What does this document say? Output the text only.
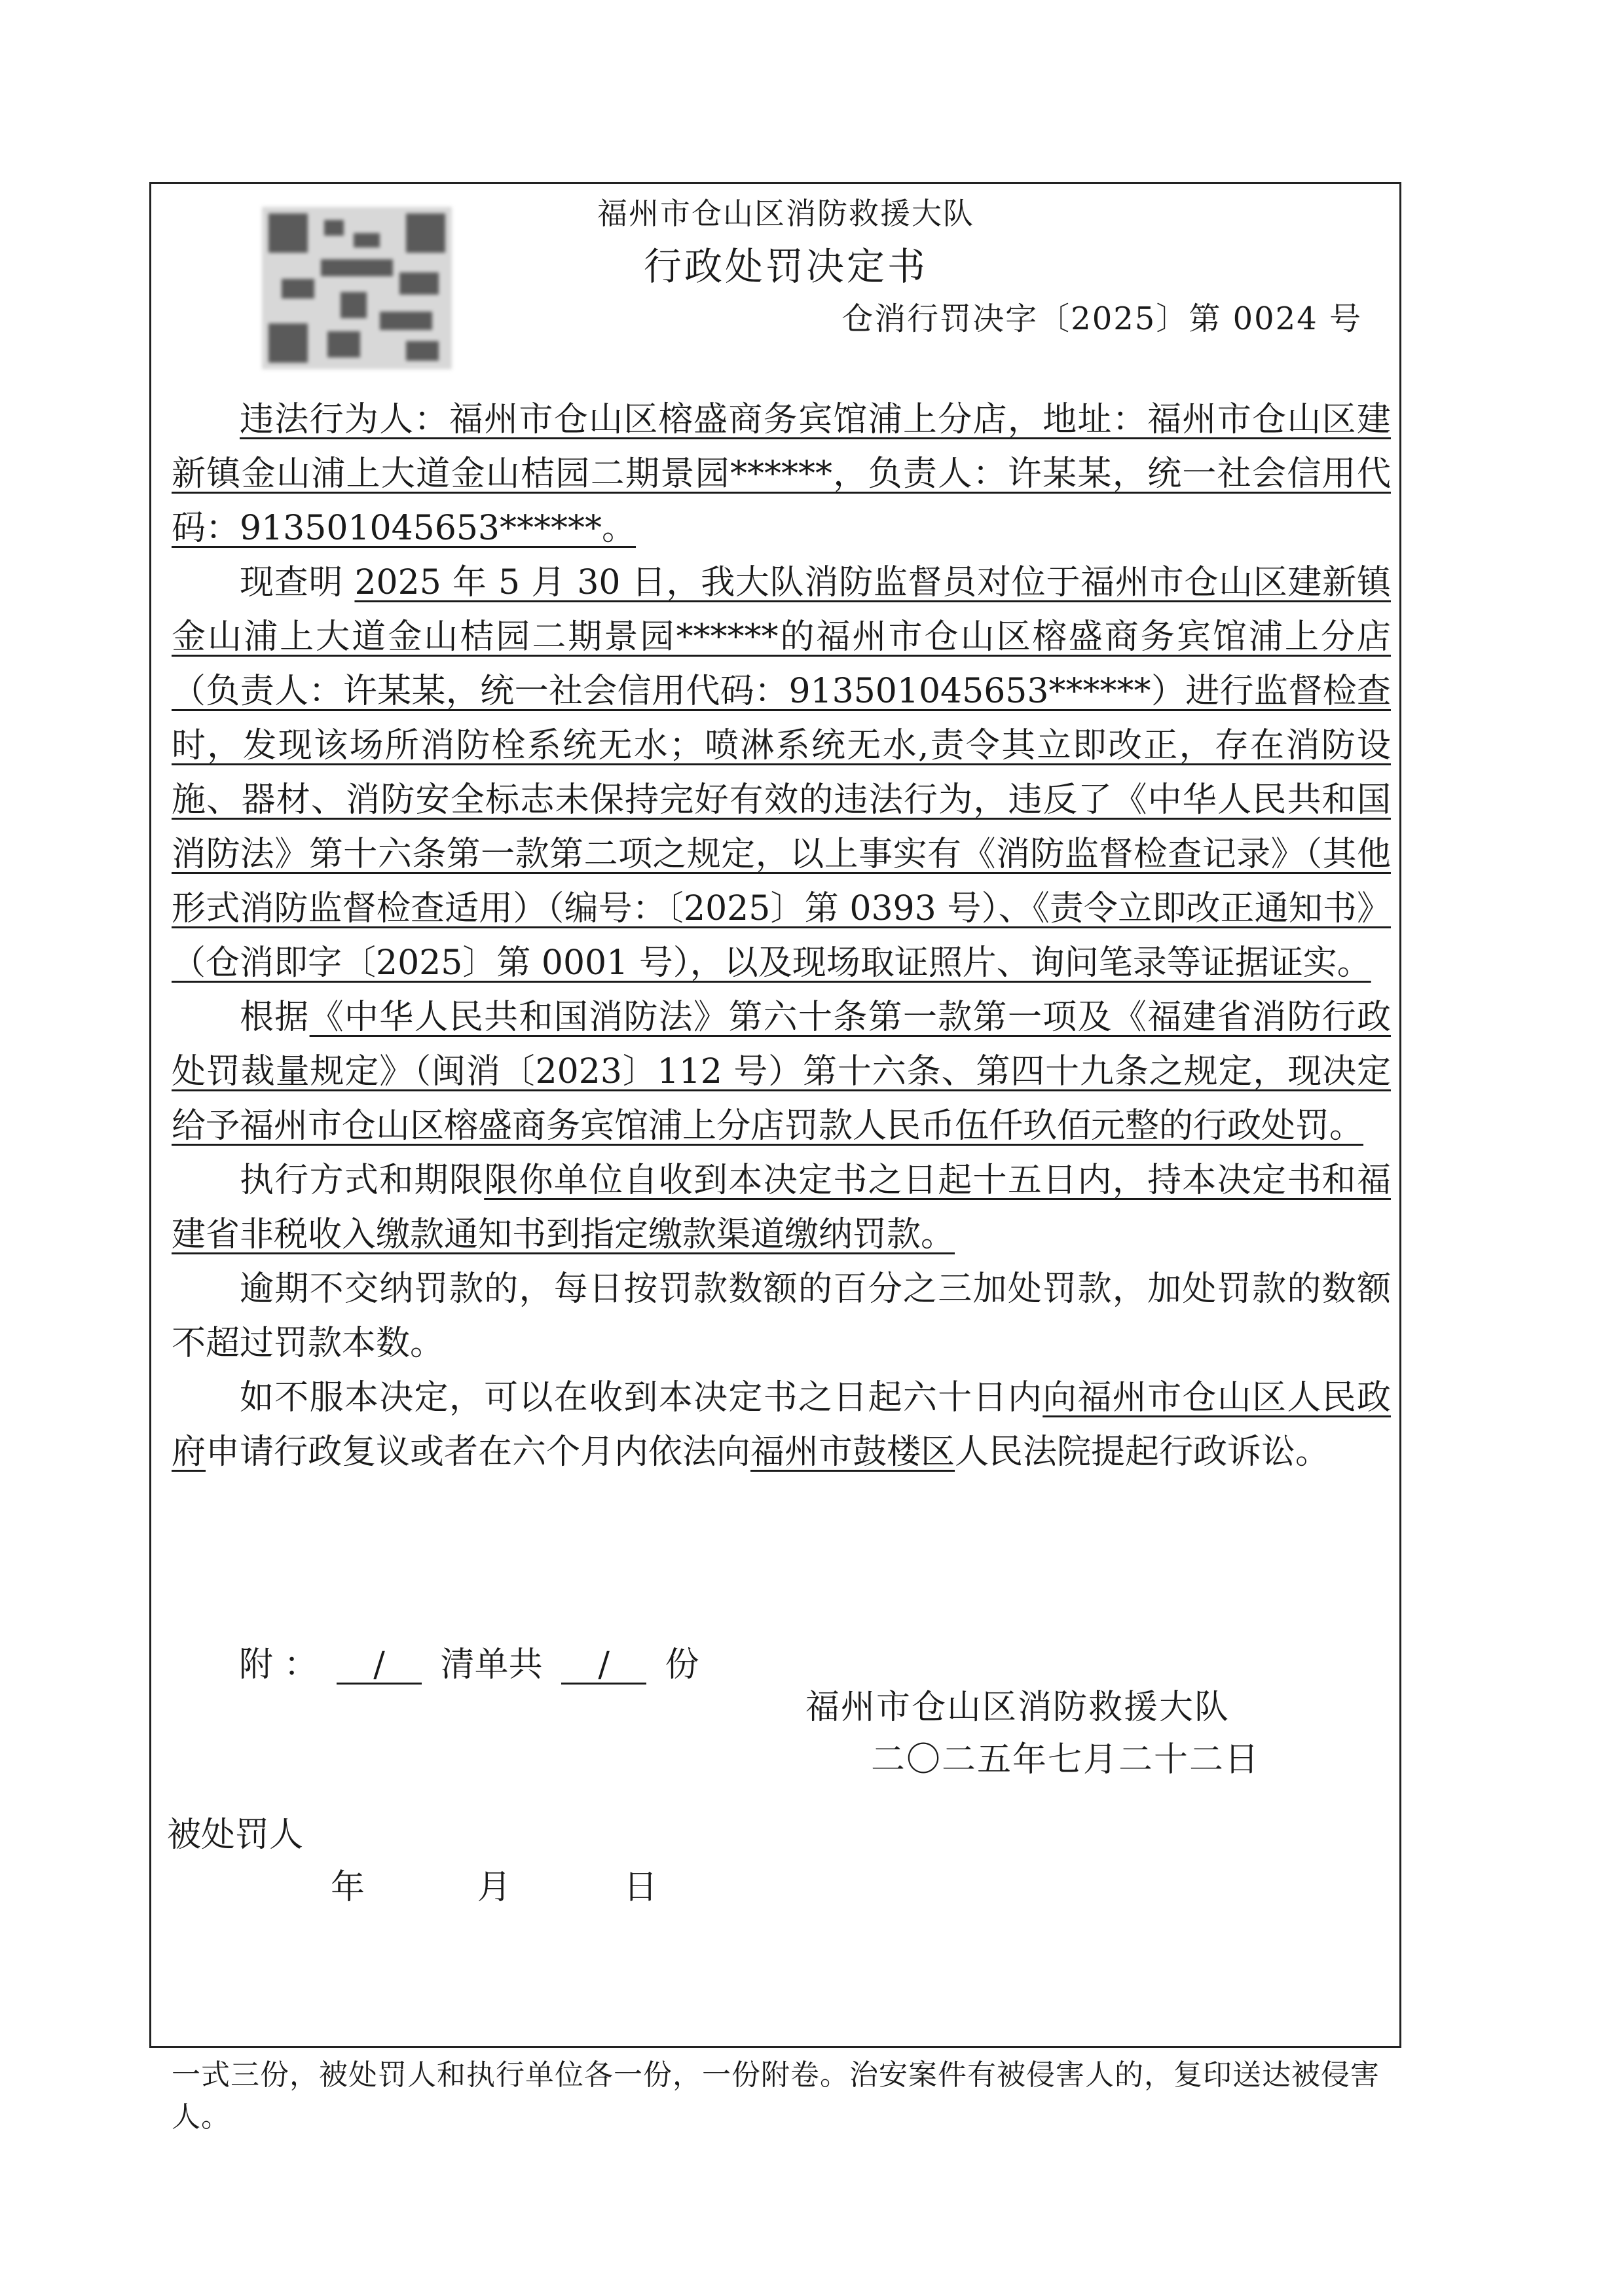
福州市仓山区消防救援大队
行政处罚决定书
仓消行罚决字〔2025〕第 0024 号

违法行为人：福州市仓山区榕盛商务宾馆浦上分店，地址：福州市仓山区建新镇金山浦上大道金山桔园二期景园******，负责人：许某某，统一社会信用代码：913501045653******。

现查明 2025 年 5 月 30 日，我大队消防监督员对位于福州市仓山区建新镇金山浦上大道金山桔园二期景园******的福州市仓山区榕盛商务宾馆浦上分店（负责人：许某某，统一社会信用代码：913501045653******）进行监督检查时，发现该场所消防栓系统无水；喷淋系统无水,责令其立即改正，存在消防设施、器材、消防安全标志未保持完好有效的违法行为，违反了《中华人民共和国消防法》第十六条第一款第二项之规定，以上事实有《消防监督检查记录》（其他形式消防监督检查适用）（编号：〔2025〕第 0393 号）、《责令立即改正通知书》（仓消即字〔2025〕第 0001 号），以及现场取证照片、询问笔录等证据证实。

根据《中华人民共和国消防法》第六十条第一款第一项及《福建省消防行政处罚裁量规定》（闽消〔2023〕112 号）第十六条、第四十九条之规定，现决定给予福州市仓山区榕盛商务宾馆浦上分店罚款人民币伍仟玖佰元整的行政处罚。

执行方式和期限限你单位自收到本决定书之日起十五日内，持本决定书和福建省非税收入缴款通知书到指定缴款渠道缴纳罚款。

逾期不交纳罚款的，每日按罚款数额的百分之三加处罚款，加处罚款的数额不超过罚款本数。

如不服本决定，可以在收到本决定书之日起六十日内向福州市仓山区人民政府申请行政复议或者在六个月内依法向福州市鼓楼区人民法院提起行政诉讼。

附 ： / 清单共 / 份
福州市仓山区消防救援大队
二〇二五年七月二十二日
被处罚人
年	月	日
一式三份，被处罚人和执行单位各一份，一份附卷。治安案件有被侵害人的，复印送达被侵害人。
